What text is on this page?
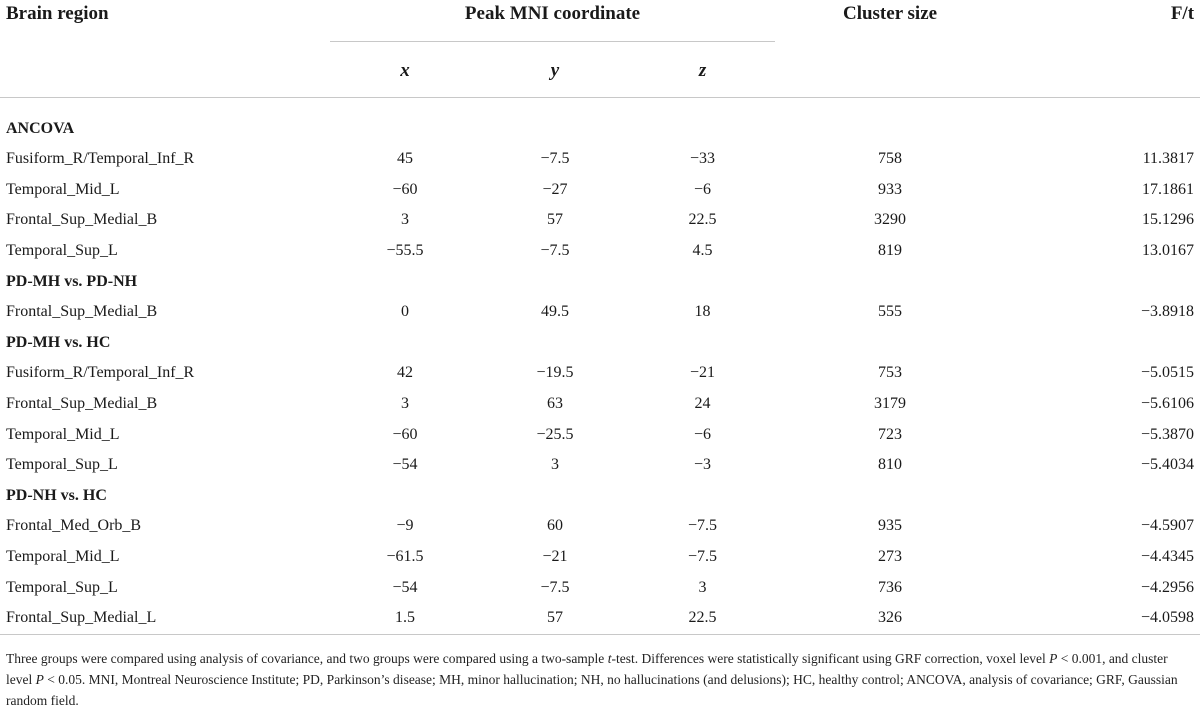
Brain region	Peak MNI coordinate			Cluster size	F/t
	x	y	z		
ANCOVA					
Fusiform_R/Temporal_Inf_R	45	−7.5	−33	758	11.3817
Temporal_Mid_L	−60	−27	−6	933	17.1861
Frontal_Sup_Medial_B	3	57	22.5	3290	15.1296
Temporal_Sup_L	−55.5	−7.5	4.5	819	13.0167
PD-MH vs. PD-NH					
Frontal_Sup_Medial_B	0	49.5	18	555	−3.8918
PD-MH vs. HC					
Fusiform_R/Temporal_Inf_R	42	−19.5	−21	753	−5.0515
Frontal_Sup_Medial_B	3	63	24	3179	−5.6106
Temporal_Mid_L	−60	−25.5	−6	723	−5.3870
Temporal_Sup_L	−54	3	−3	810	−5.4034
PD-NH vs. HC					
Frontal_Med_Orb_B	−9	60	−7.5	935	−4.5907
Temporal_Mid_L	−61.5	−21	−7.5	273	−4.4345
Temporal_Sup_L	−54	−7.5	3	736	−4.2956
Frontal_Sup_Medial_L	1.5	57	22.5	326	−4.0598
Three groups were compared using analysis of covariance, and two groups were compared using a two-sample t-test. Differences were statistically significant using GRF correction, voxel level P < 0.001, and cluster level P < 0.05. MNI, Montreal Neuroscience Institute; PD, Parkinson’s disease; MH, minor hallucination; NH, no hallucinations (and delusions); HC, healthy control; ANCOVA, analysis of covariance; GRF, Gaussian random field.
